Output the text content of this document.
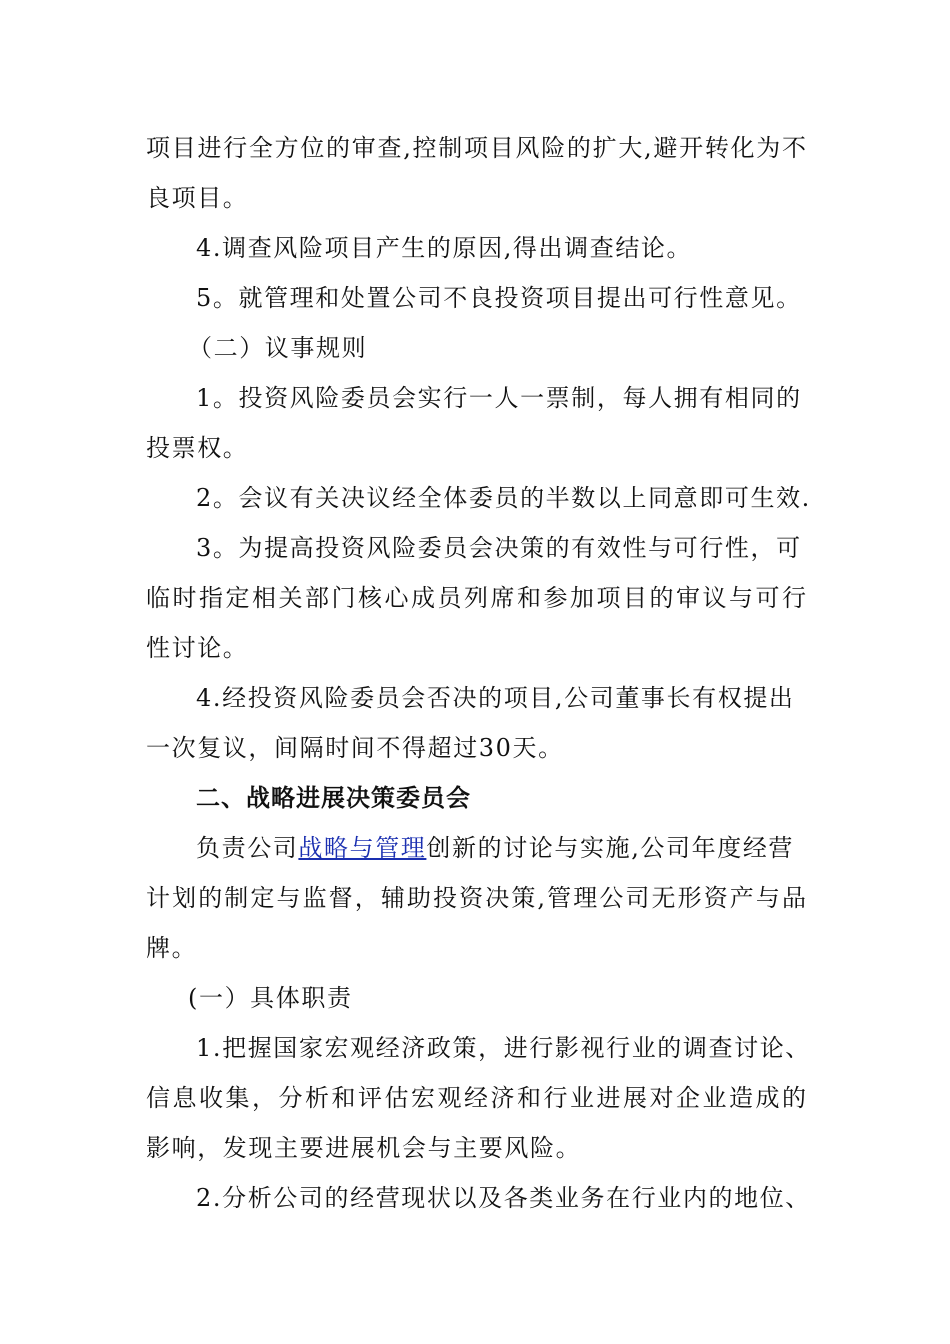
项目进行全方位的审查,控制项目风险的扩大,避开转化为不
良项目。
4.调查风险项目产生的原因,得出调查结论。
5。就管理和处置公司不良投资项目提出可行性意见。
（二）议事规则
1。投资风险委员会实行一人一票制，每人拥有相同的
投票权。
2。会议有关决议经全体委员的半数以上同意即可生效.
3。为提高投资风险委员会决策的有效性与可行性，可
临时指定相关部门核心成员列席和参加项目的审议与可行
性讨论。
4.经投资风险委员会否决的项目,公司董事长有权提出
一次复议，间隔时间不得超过30天。
二、战略进展决策委员会
负责公司战略与管理创新的讨论与实施,公司年度经营
计划的制定与监督，辅助投资决策,管理公司无形资产与品
牌。
(一）具体职责
1.把握国家宏观经济政策，进行影视行业的调查讨论、
信息收集，分析和评估宏观经济和行业进展对企业造成的
影响，发现主要进展机会与主要风险。
2.分析公司的经营现状以及各类业务在行业内的地位、
